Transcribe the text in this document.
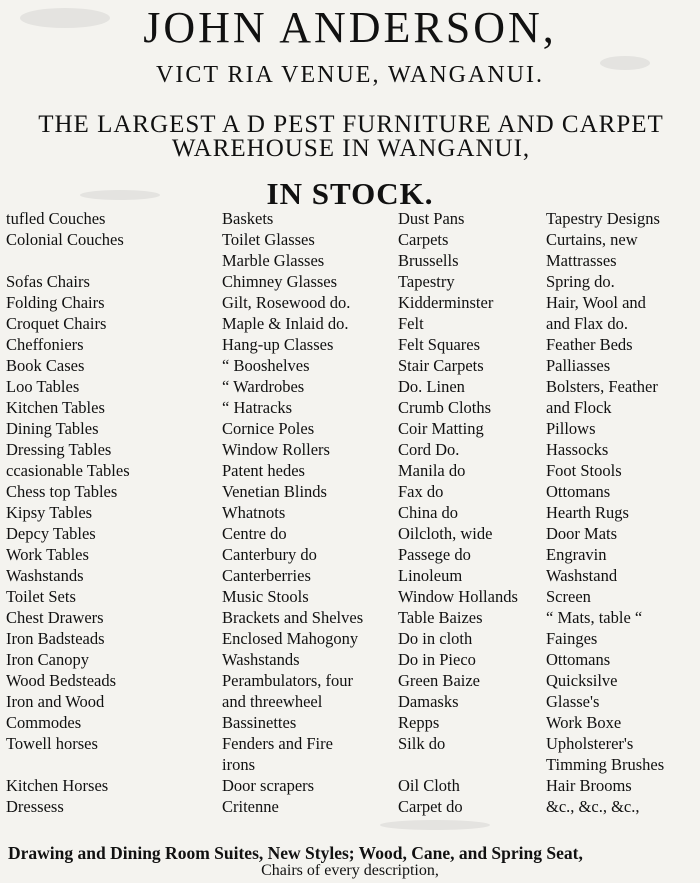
JOHN ANDERSON,
VICT RIA VENUE, WANGANUI.
THE LARGEST A D PEST FURNITURE AND CARPET
WAREHOUSE IN WANGANUI,
IN STOCK.
tufled Couches
Colonial Couches
Sofas Chairs
Folding Chairs
Croquet Chairs
Cheffoniers
Book Cases
Loo Tables
Kitchen Tables
Dining Tables
Dressing Tables
ccasionable Tables
Chess top Tables
Kipsy Tables
Depcy Tables
Work Tables
Washstands
Toilet Sets
Chest Drawers
Iron Badsteads
Iron Canopy
Wood Bedsteads
Iron and Wood
Commodes
Towell horses
Kitchen Horses
Dressess
Baskets
Toilet Glasses
Marble Glasses
Chimney Glasses
Gilt, Rosewood do.
Maple & Inlaid do.
Hang-up Classes
“ Booshelves
“ Wardrobes
“ Hatracks
Cornice Poles
Window Rollers
Patent hedes
Venetian Blinds
Whatnots
Centre do
Canterbury do
Canterberries
Music Stools
Brackets and Shelves
Enclosed Mahogony
Washstands
Perambulators, four
and threewheel
Bassinettes
Fenders and Fire
irons
Door scrapers
Critenne
Dust Pans
Carpets
Brussells
Tapestry
Kidderminster
Felt
Felt Squares
Stair Carpets
Do. Linen
Crumb Cloths
Coir Matting
Cord Do.
Manila do
Fax do
China do
Oilcloth, wide
Passege do
Linoleum
Window Hollands
Table Baizes
Do in cloth
Do in Pieco
Green Baize
Damasks
Repps
Silk do
Oil Cloth
Carpet do
Tapestry Designs
Curtains, new
Mattrasses
Spring do.
Hair, Wool and
and Flax do.
Feather Beds
Palliasses
Bolsters, Feather
and Flock
Pillows
Hassocks
Foot Stools
Ottomans
Hearth Rugs
Door Mats
Engravin
Washstand
Screen
“ Mats, table “
Fainges
Ottomans
Quicksilve
Glasse's
Work Boxe
Upholsterer's
Timming Brushes
Hair Brooms
&c., &c., &c.,
Drawing and Dining Room Suites, New Styles; Wood, Cane, and Spring Seat,
Chairs of every description,
